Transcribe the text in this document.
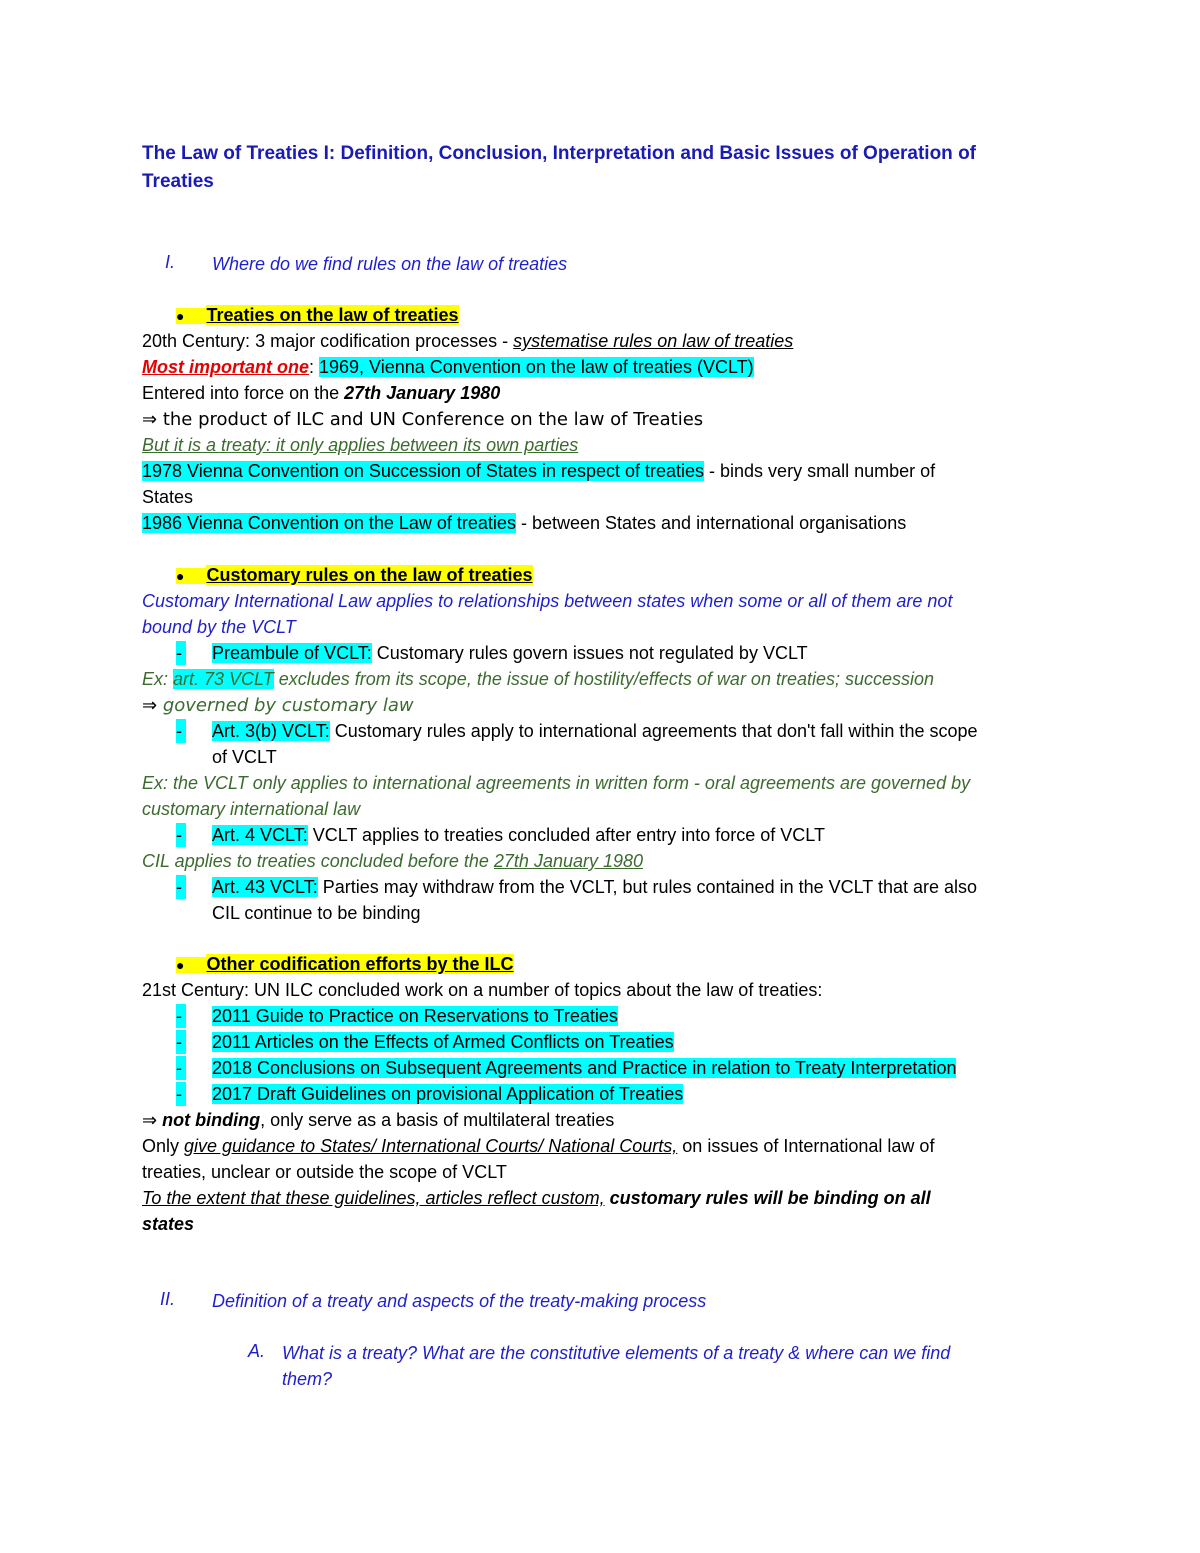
The Law of Treaties I: Definition, Conclusion, Interpretation and Basic Issues of Operation of Treaties
I. Where do we find rules on the law of treaties
● Treaties on the law of treaties
20th Century: 3 major codification processes - systematise rules on law of treaties
Most important one: 1969, Vienna Convention on the law of treaties (VCLT)
Entered into force on the 27th January 1980
⇒ the product of ILC and UN Conference on the law of Treaties
But it is a treaty: it only applies between its own parties
1978 Vienna Convention on Succession of States in respect of treaties - binds very small number of
States
1986 Vienna Convention on the Law of treaties - between States and international organisations
● Customary rules on the law of treaties
Customary International Law applies to relationships between states when some or all of them are not
bound by the VCLT
- Preambule of VCLT: Customary rules govern issues not regulated by VCLT
Ex: art. 73 VCLT excludes from its scope, the issue of hostility/effects of war on treaties; succession
⇒ governed by customary law
- Art. 3(b) VCLT: Customary rules apply to international agreements that don't fall within the scope
of VCLT
Ex: the VCLT only applies to international agreements in written form - oral agreements are governed by
customary international law
- Art. 4 VCLT: VCLT applies to treaties concluded after entry into force of VCLT
CIL applies to treaties concluded before the 27th January 1980
- Art. 43 VCLT: Parties may withdraw from the VCLT, but rules contained in the VCLT that are also
CIL continue to be binding
● Other codification efforts by the ILC
21st Century: UN ILC concluded work on a number of topics about the law of treaties:
- 2011 Guide to Practice on Reservations to Treaties
- 2011 Articles on the Effects of Armed Conflicts on Treaties
- 2018 Conclusions on Subsequent Agreements and Practice in relation to Treaty Interpretation
- 2017 Draft Guidelines on provisional Application of Treaties
⇒ not binding, only serve as a basis of multilateral treaties
Only give guidance to States/ International Courts/ National Courts, on issues of International law of
treaties, unclear or outside the scope of VCLT
To the extent that these guidelines, articles reflect custom, customary rules will be binding on all
states
II. Definition of a treaty and aspects of the treaty-making process
A. What is a treaty? What are the constitutive elements of a treaty & where can we find
them?
